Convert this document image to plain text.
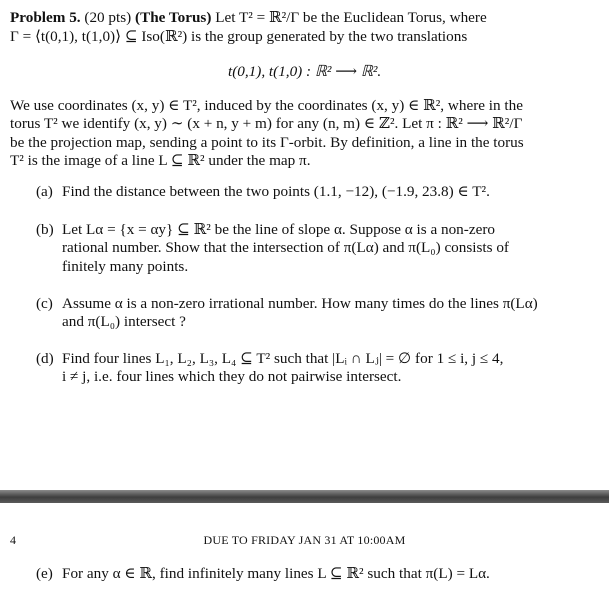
Problem 5. (20 pts) (The Torus) Let T² = ℝ²/Γ be the Euclidean Torus, where
Γ = ⟨t(0,1), t(1,0)⟩ ⊆ Iso(ℝ²) is the group generated by the two translations
t(0,1), t(1,0) : ℝ² ⟶ ℝ².
We use coordinates (x, y) ∈ T², induced by the coordinates (x, y) ∈ ℝ², where in the
torus T² we identify (x, y) ∼ (x + n, y + m) for any (n, m) ∈ ℤ². Let π : ℝ² ⟶ ℝ²/Γ
be the projection map, sending a point to its Γ-orbit. By definition, a line in the torus
T² is the image of a line L ⊆ ℝ² under the map π.
(a) Find the distance between the two points (1.1, −12), (−1.9, 23.8) ∈ T².
(b) Let Lα = {x = αy} ⊆ ℝ² be the line of slope α. Suppose α is a non-zero
rational number. Show that the intersection of π(Lα) and π(L₀) consists of
finitely many points.
(c) Assume α is a non-zero irrational number. How many times do the lines π(Lα)
and π(L₀) intersect ?
(d) Find four lines L₁, L₂, L₃, L₄ ⊆ T² such that |Lᵢ ∩ Lⱼ| = ∅ for 1 ≤ i, j ≤ 4,
i ≠ j, i.e. four lines which they do not pairwise intersect.
4	DUE TO FRIDAY JAN 31 AT 10:00AM
(e) For any α ∈ ℝ, find infinitely many lines L ⊆ ℝ² such that π(L) = Lα.
